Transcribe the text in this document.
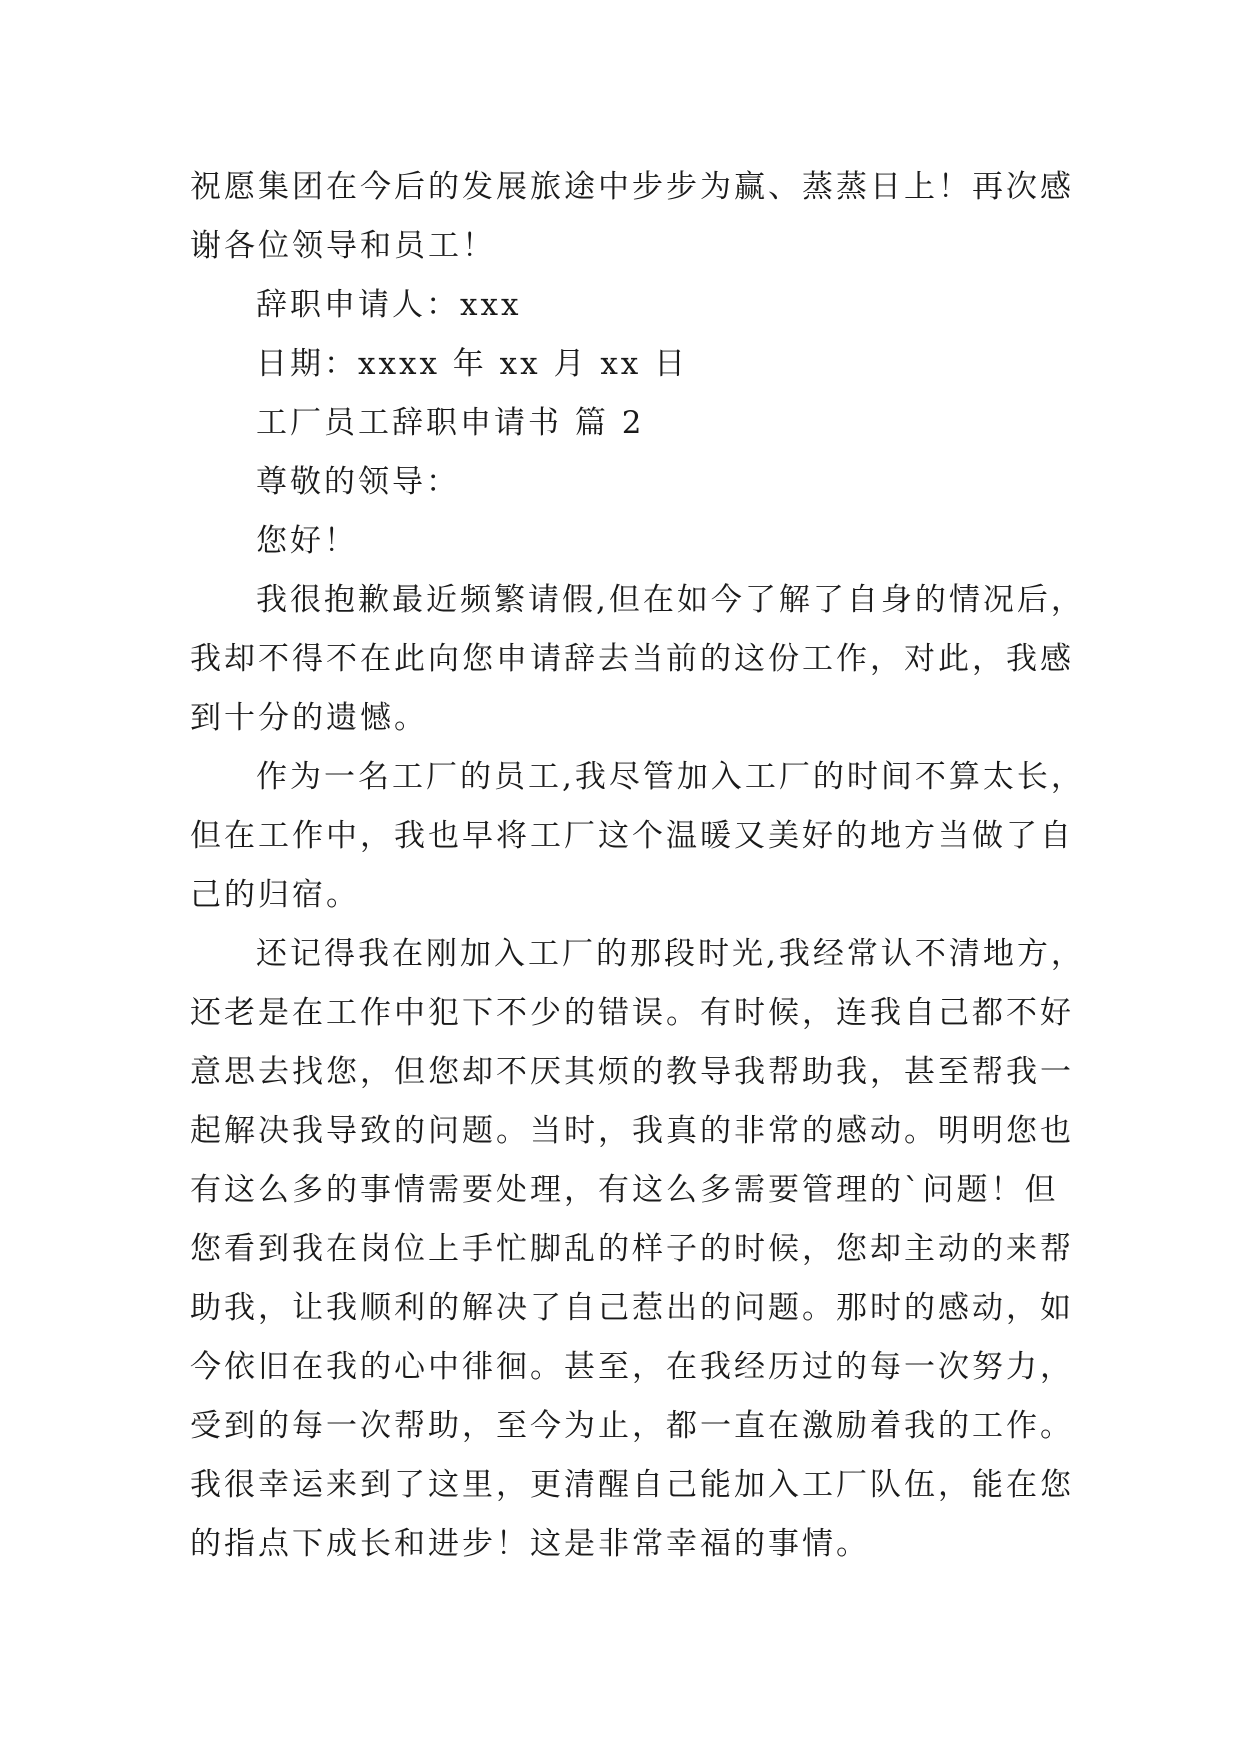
祝愿集团在今后的发展旅途中步步为赢、蒸蒸日上！再次感
谢各位领导和员工！
辞职申请人：xxx
日期：xxxx 年 xx 月 xx 日
工厂员工辞职申请书 篇 2
尊敬的领导：
您好！
我很抱歉最近频繁请假,但在如今了解了自身的情况后，
我却不得不在此向您申请辞去当前的这份工作，对此，我感
到十分的遗憾。
作为一名工厂的员工,我尽管加入工厂的时间不算太长，
但在工作中，我也早将工厂这个温暖又美好的地方当做了自
己的归宿。
还记得我在刚加入工厂的那段时光,我经常认不清地方，
还老是在工作中犯下不少的错误。有时候，连我自己都不好
意思去找您，但您却不厌其烦的教导我帮助我，甚至帮我一
起解决我导致的问题。当时，我真的非常的感动。明明您也
有这么多的事情需要处理，有这么多需要管理的`问题！但
您看到我在岗位上手忙脚乱的样子的时候，您却主动的来帮
助我，让我顺利的解决了自己惹出的问题。那时的感动，如
今依旧在我的心中徘徊。甚至，在我经历过的每一次努力，
受到的每一次帮助，至今为止，都一直在激励着我的工作。
我很幸运来到了这里，更清醒自己能加入工厂队伍，能在您
的指点下成长和进步！这是非常幸福的事情。
